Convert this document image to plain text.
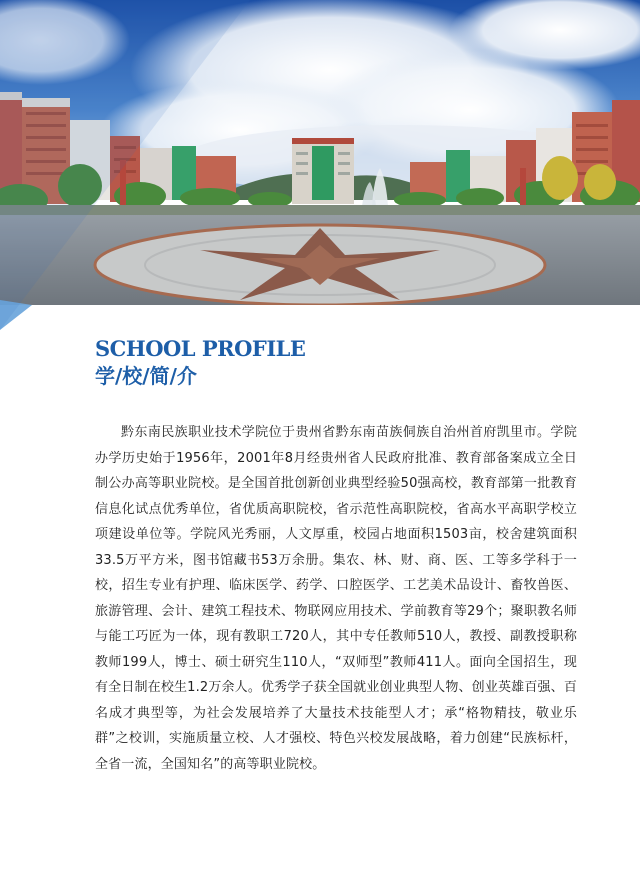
SCHOOL PROFILE
学/校/简/介
黔东南民族职业技术学院位于贵州省黔东南苗族侗族自治州首府凯里市。学院办学历史始于1956年，2001年8月经贵州省人民政府批准、教育部备案成立全日制公办高等职业院校。是全国首批创新创业典型经验50强高校，教育部第一批教育信息化试点优秀单位，省优质高职院校，省示范性高职院校，省高水平高职学校立项建设单位等。学院风光秀丽，人文厚重，校园占地面积1503亩，校舍建筑面积33.5万平方米，图书馆藏书53万余册。集农、林、财、商、医、工等多学科于一校，招生专业有护理、临床医学、药学、口腔医学、工艺美术品设计、畜牧兽医、旅游管理、会计、建筑工程技术、物联网应用技术、学前教育等29个；聚职教名师与能工巧匠为一体，现有教职工720人，其中专任教师510人，教授、副教授职称教师199人，博士、硕士研究生110人，“双师型”教师411人。面向全国招生，现有全日制在校生1.2万余人。优秀学子获全国就业创业典型人物、创业英雄百强、百名成才典型等，为社会发展培养了大量技术技能型人才；承“格物精技，敬业乐群”之校训，实施质量立校、人才强校、特色兴校发展战略，着力创建“民族标杆，全省一流，全国知名”的高等职业院校。
